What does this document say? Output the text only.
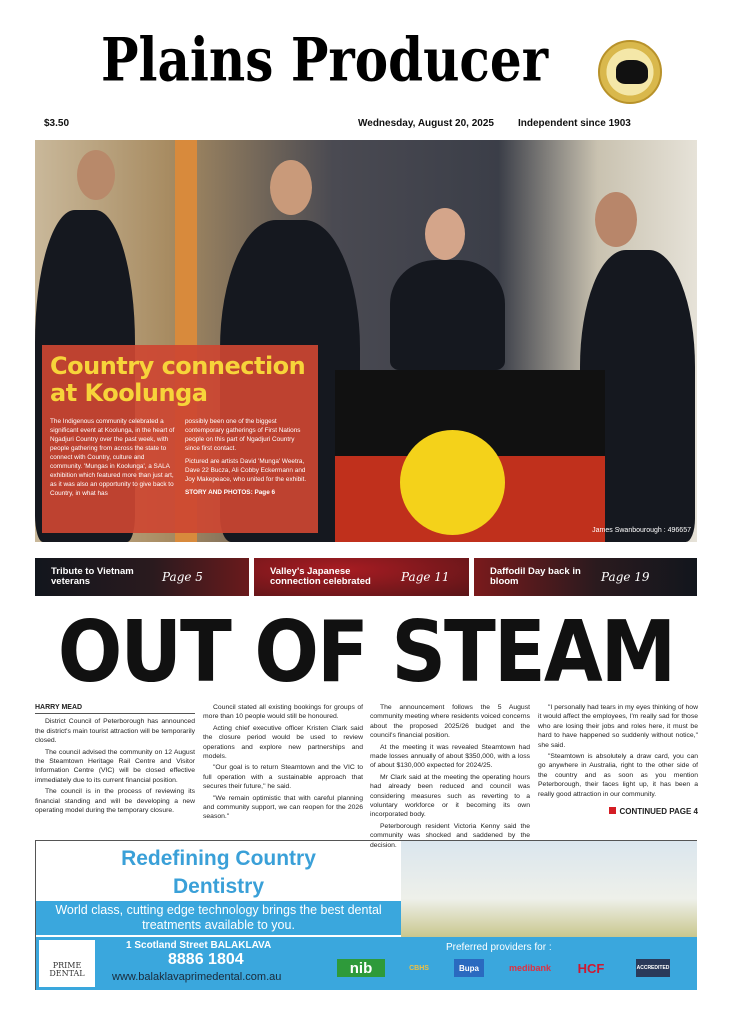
Plains Producer
$3.50	Wednesday, August 20, 2025 Independent since 1903
James Swanbourough : 496657
Country connection at Koolunga

The Indigenous community celebrated a significant event at Koolunga, in the heart of Ngadjuri Country over the past week, with people gathering from across the state to connect with Country, culture and community. 'Mungas in Koolunga', a SALA exhibition which featured more than just art, as it was also an opportunity to give back to Country, in what has

possibly been one of the biggest contemporary gatherings of First Nations people on this part of Ngadjuri Country since first contact.

Pictured are artists David 'Munga' Weetra, Dave 22 Bucza, Ali Cobby Eckermann and Joy Makepeace, who united for the exhibit.

STORY AND PHOTOS: Page 6

Tribute to Vietnam veterans	Page 5	Valley's Japanese connection celebrated	Page 11	Daffodil Day back in bloom	Page 19
OUT OF STEAM
HARRY MEAD

District Council of Peterborough has announced the district's main tourist attraction will be temporarily closed.

The council advised the community on 12 August the Steamtown Heritage Rail Centre and Visitor Information Centre (VIC) will be closed effective immediately due to its current financial position.

The council is in the process of reviewing its financial standing and will be developing a new operating model during the temporary closure.

Council stated all existing bookings for groups of more than 10 people would still be honoured.

Acting chief executive officer Kristen Clark said the closure period would be used to review operations and explore new partnerships and models.

"Our goal is to return Steamtown and the VIC to full operation with a sustainable approach that secures their future," he said.

"We remain optimistic that with careful planning and community support, we can reopen for the 2026 season."

The announcement follows the 5 August community meeting where residents voiced concerns about the proposed 2025/26 budget and the council's financial position.

At the meeting it was revealed Steamtown had made losses annually of about $350,000, with a loss of about $130,000 expected for 2024/25.

Mr Clark said at the meeting the operating hours had already been reduced and council was considering measures such as reverting to a voluntary workforce or it becoming its own incorporated body.

Peterborough resident Victoria Kenny said the community was shocked and saddened by the decision.

"I personally had tears in my eyes thinking of how it would affect the employees, I'm really sad for those who are losing their jobs and roles here, it must be hard to have happened so suddenly without notice," she said.

"Steamtown is absolutely a draw card, you can go anywhere in Australia, right to the other side of the country and as soon as you mention Peterborough, their faces light up, it has been a really good attraction in our community.

CONTINUED PAGE 4
Redefining Country Dentistry
World class, cutting edge technology brings the best dental treatments available to you.
PRIME DENTAL
1 Scotland Street BALAKLAVA
8886 1804
www.balaklavaprimedental.com.au
Preferred providers for :
nib	CBHS	Bupa	medibank	HCF	ACCREDITED
